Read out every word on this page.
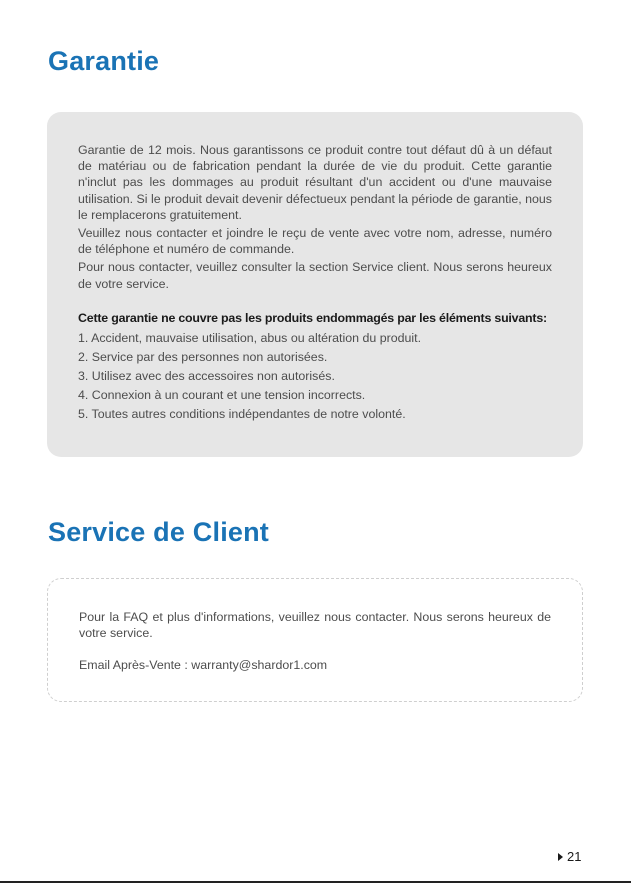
Garantie

Garantie de 12 mois. Nous garantissons ce produit contre tout défaut dû à un défaut de matériau ou de fabrication pendant la durée de vie du produit. Cette garantie n'inclut pas les dommages au produit résultant d'un accident ou d'une mauvaise utilisation. Si le produit devait devenir défectueux pendant la période de garantie, nous le remplacerons gratuitement.

Veuillez nous contacter et joindre le reçu de vente avec votre nom, adresse, numéro de téléphone et numéro de commande.

Pour nous contacter, veuillez consulter la section Service client. Nous serons heureux de votre service.

Cette garantie ne couvre pas les produits endommagés par les éléments suivants:

1. Accident, mauvaise utilisation, abus ou altération du produit.
2. Service par des personnes non autorisées.
3. Utilisez avec des accessoires non autorisés.
4. Connexion à un courant et une tension incorrects.
5. Toutes autres conditions indépendantes de notre volonté.
Service de Client

Pour la FAQ et plus d'informations, veuillez nous contacter. Nous serons heureux de votre service.

Email Après-Vente : warranty@shardor1.com

21
